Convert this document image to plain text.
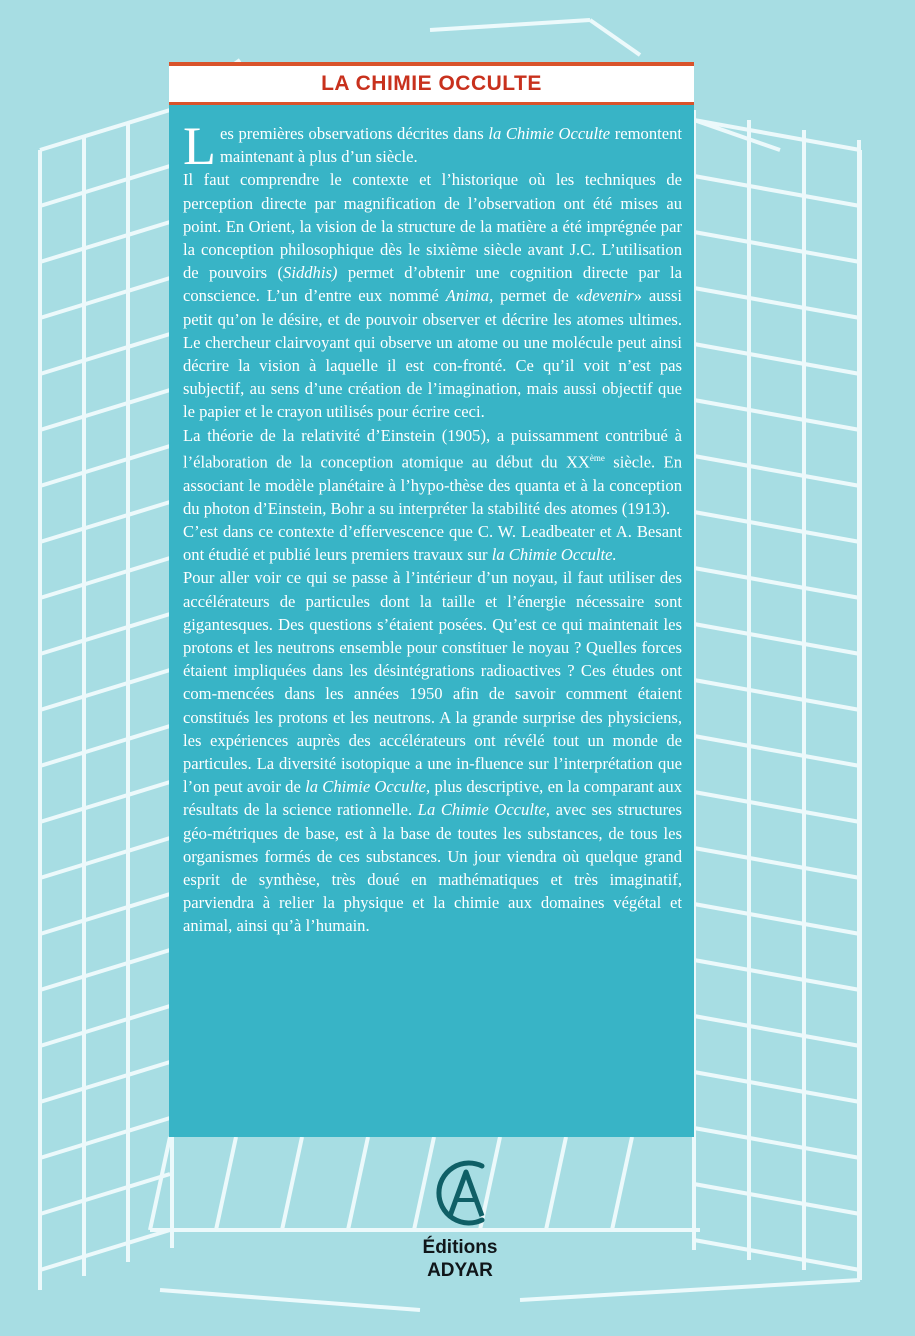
LA CHIMIE OCCULTE

Les premières observations décrites dans la Chimie Occulte remontent maintenant à plus d’un siècle.

Il faut comprendre le contexte et l’historique où les techniques de perception directe par magnification de l’observation ont été mises au point. En Orient, la vision de la structure de la matière a été imprégnée par la conception philosophique dès le sixième siècle avant J.C. L’utilisation de pouvoirs (Siddhis) permet d’obtenir une cognition directe par la conscience. L’un d’entre eux nommé Anima, permet de «devenir» aussi petit qu’on le désire, et de pouvoir observer et décrire les atomes ultimes. Le chercheur clairvoyant qui observe un atome ou une molécule peut ainsi décrire la vision à laquelle il est con-fronté. Ce qu’il voit n’est pas subjectif, au sens d’une création de l’imagination, mais aussi objectif que le papier et le crayon utilisés pour écrire ceci.

La théorie de la relativité d’Einstein (1905), a puissamment contribué à l’élaboration de la conception atomique au début du XXème siècle. En associant le modèle planétaire à l’hypo-thèse des quanta et à la conception du photon d’Einstein, Bohr a su interpréter la stabilité des atomes (1913).

C’est dans ce contexte d’effervescence que C. W. Leadbeater et A. Besant ont étudié et publié leurs premiers travaux sur la Chimie Occulte.

Pour aller voir ce qui se passe à l’intérieur d’un noyau, il faut utiliser des accélérateurs de particules dont la taille et l’énergie nécessaire sont gigantesques. Des questions s’étaient posées. Qu’est ce qui maintenait les protons et les neutrons ensemble pour constituer le noyau ? Quelles forces étaient impliquées dans les désintégrations radioactives ? Ces études ont com-mencées dans les années 1950 afin de savoir comment étaient constitués les protons et les neutrons. A la grande surprise des physiciens, les expériences auprès des accélérateurs ont révélé tout un monde de particules. La diversité isotopique a une in-fluence sur l’interprétation que l’on peut avoir de la Chimie Occulte, plus descriptive, en la comparant aux résultats de la science rationnelle. La Chimie Occulte, avec ses structures géo-métriques de base, est à la base de toutes les substances, de tous les organismes formés de ces substances. Un jour viendra où quelque grand esprit de synthèse, très doué en mathématiques et très imaginatif, parviendra à relier la physique et la chimie aux domaines végétal et animal, ainsi qu’à l’humain.

Éditions
ADYAR
